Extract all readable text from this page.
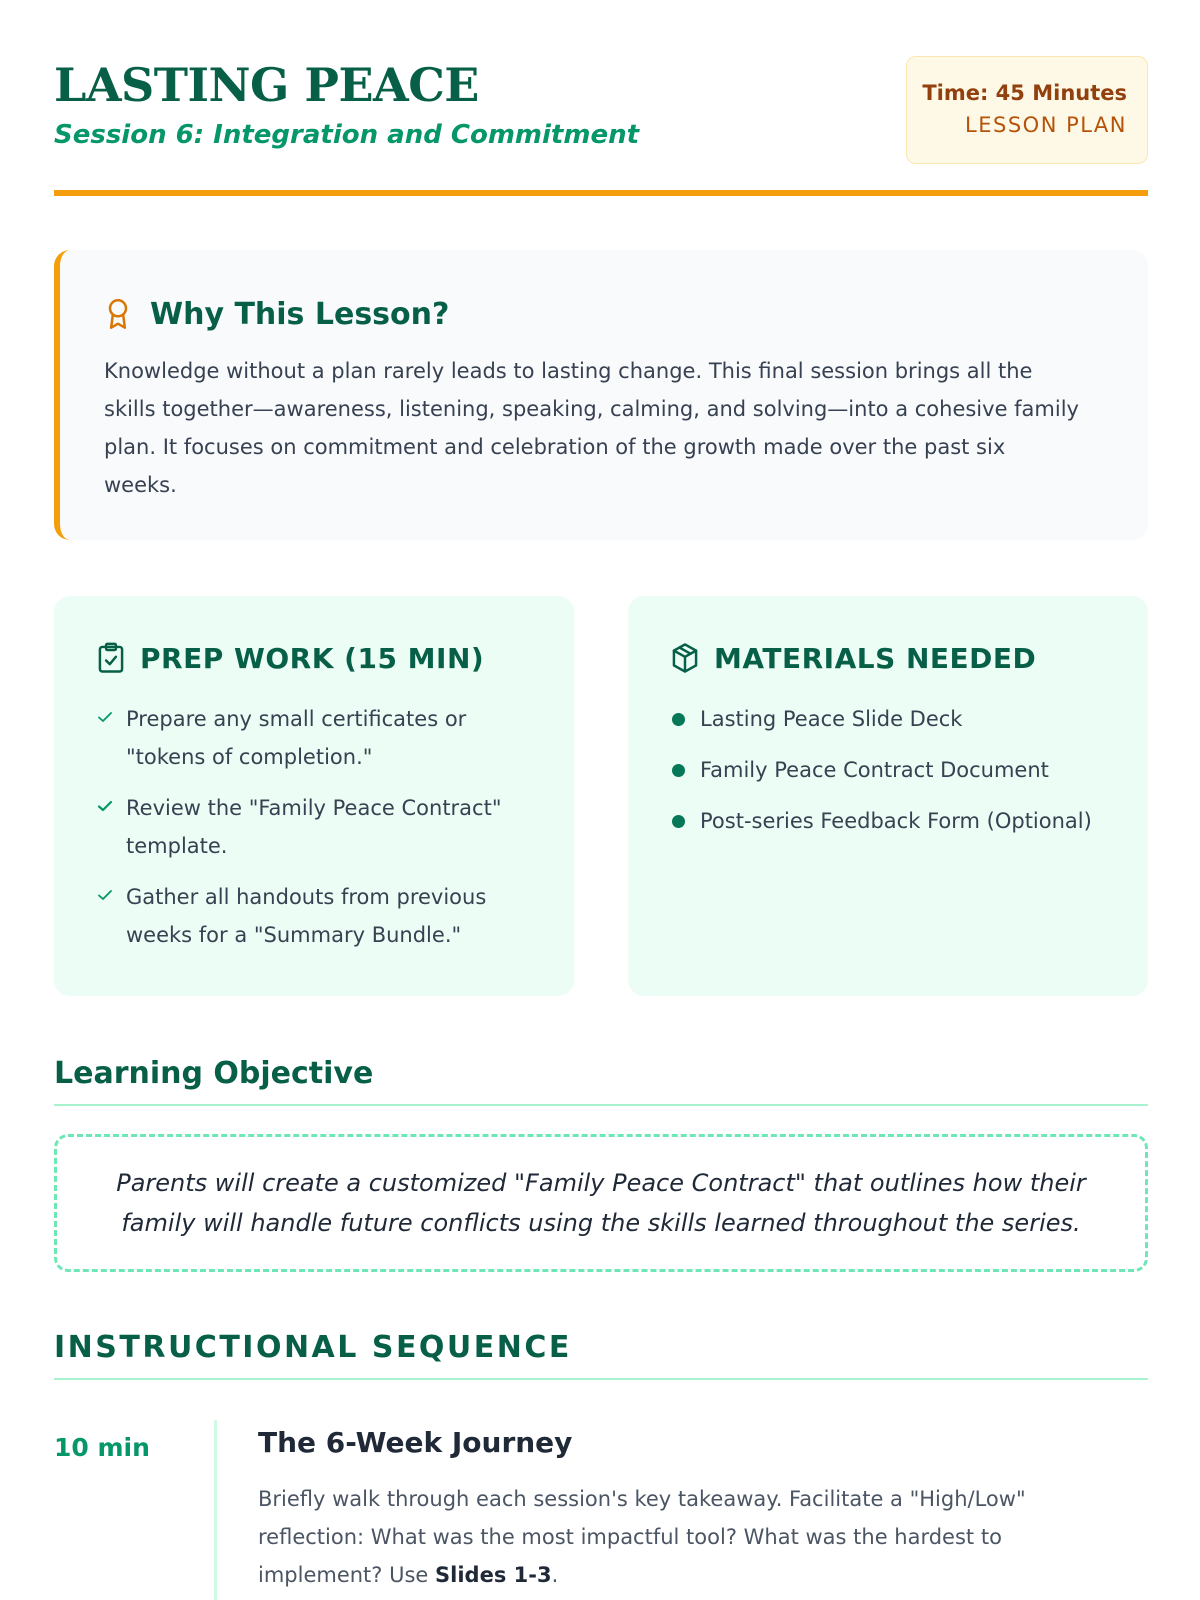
LASTING PEACE
Session 6: Integration and Commitment
Time: 45 Minutes
LESSON PLAN
Why This Lesson?

Knowledge without a plan rarely leads to lasting change. This final session brings all the skills together—awareness, listening, speaking, calming, and solving—into a cohesive family plan. It focuses on commitment and celebration of the growth made over the past six weeks.

PREP WORK (15 MIN)
Prepare any small certificates or "tokens of completion."
Review the "Family Peace Contract" template.
Gather all handouts from previous weeks for a "Summary Bundle."
MATERIALS NEEDED
Lasting Peace Slide Deck
Family Peace Contract Document
Post-series Feedback Form (Optional)
Learning Objective

Parents will create a customized "Family Peace Contract" that outlines how their family will handle future conflicts using the skills learned throughout the series.

INSTRUCTIONAL SEQUENCE
10 min	The 6-Week Journey

Briefly walk through each session's key takeaway. Facilitate a "High/Low" reflection: What was the most impactful tool? What was the hardest to implement? Use Slides 1-3.
